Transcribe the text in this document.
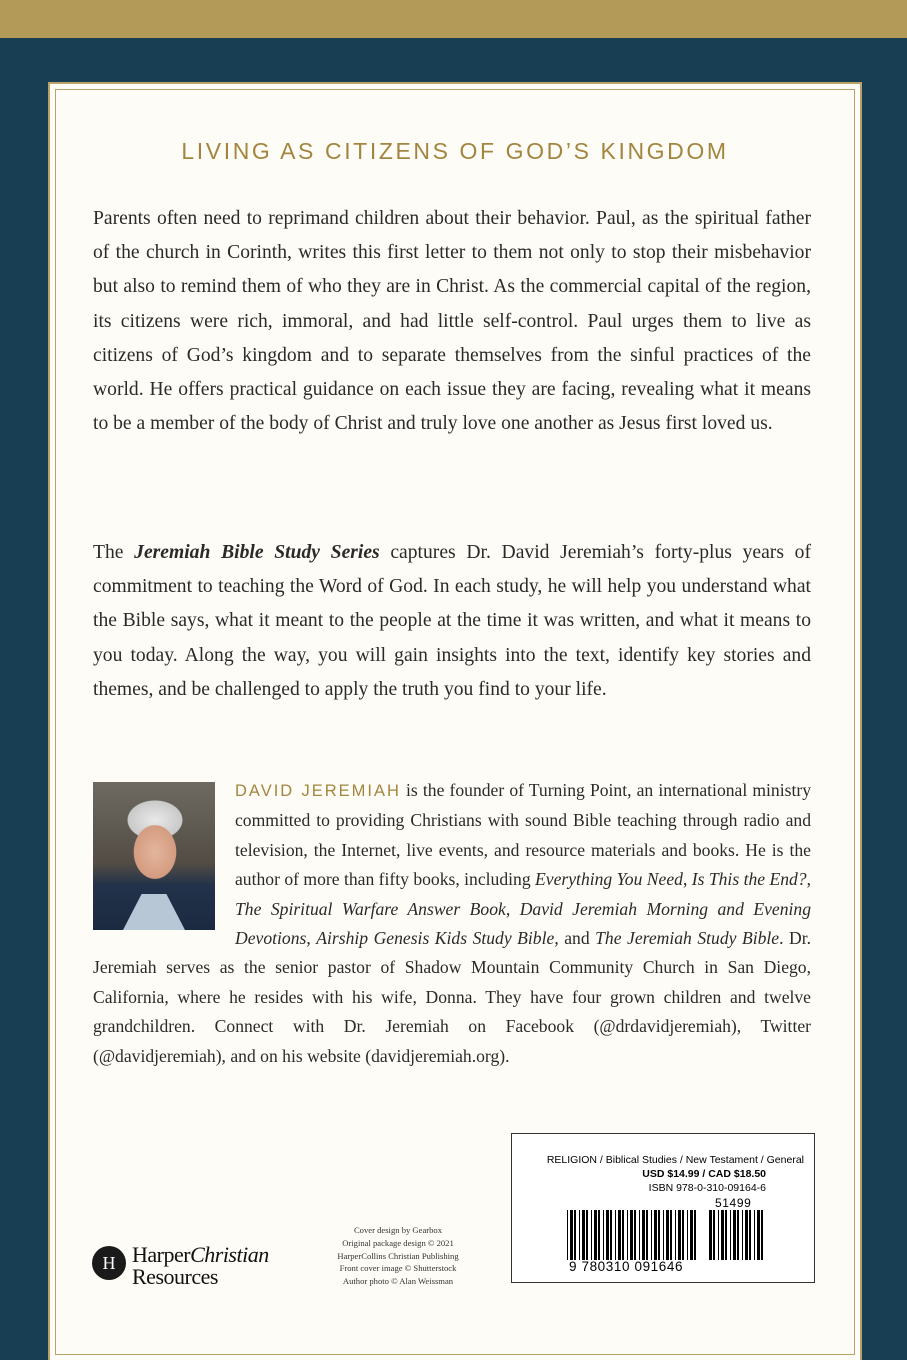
LIVING AS CITIZENS OF GOD’S KINGDOM

Parents often need to reprimand children about their behavior. Paul, as the spiritual father of the church in Corinth, writes this first letter to them not only to stop their misbehavior but also to remind them of who they are in Christ. As the commercial capital of the region, its citizens were rich, immoral, and had little self-control. Paul urges them to live as citizens of God’s kingdom and to separate themselves from the sinful practices of the world. He offers practical guidance on each issue they are facing, revealing what it means to be a member of the body of Christ and truly love one another as Jesus first loved us.

The Jeremiah Bible Study Series captures Dr. David Jeremiah’s forty-plus years of commitment to teaching the Word of God. In each study, he will help you understand what the Bible says, what it meant to the people at the time it was written, and what it means to you today. Along the way, you will gain insights into the text, identify key stories and themes, and be challenged to apply the truth you find to your life.

DAVID JEREMIAH is the founder of Turning Point, an international ministry committed to providing Christians with sound Bible teaching through radio and television, the Internet, live events, and resource materials and books. He is the author of more than fifty books, including Everything You Need, Is This the End?, The Spiritual Warfare Answer Book, David Jeremiah Morning and Evening Devotions, Airship Genesis Kids Study Bible, and The Jeremiah Study Bible. Dr. Jeremiah serves as the senior pastor of Shadow Mountain Community Church in San Diego, California, where he resides with his wife, Donna. They have four grown children and twelve grandchildren. Connect with Dr. Jeremiah on Facebook (@drdavidjeremiah), Twitter (@davidjeremiah), and on his website (davidjeremiah.org).

H HarperChristian
Resources
Cover design by Gearbox
Original package design © 2021
HarperCollins Christian Publishing
Front cover image © Shutterstock
Author photo © Alan Weissman
RELIGION / Biblical Studies / New Testament / General
USD $14.99 / CAD $18.50
ISBN 978-0-310-09164-6
9 780310 091646
51499
